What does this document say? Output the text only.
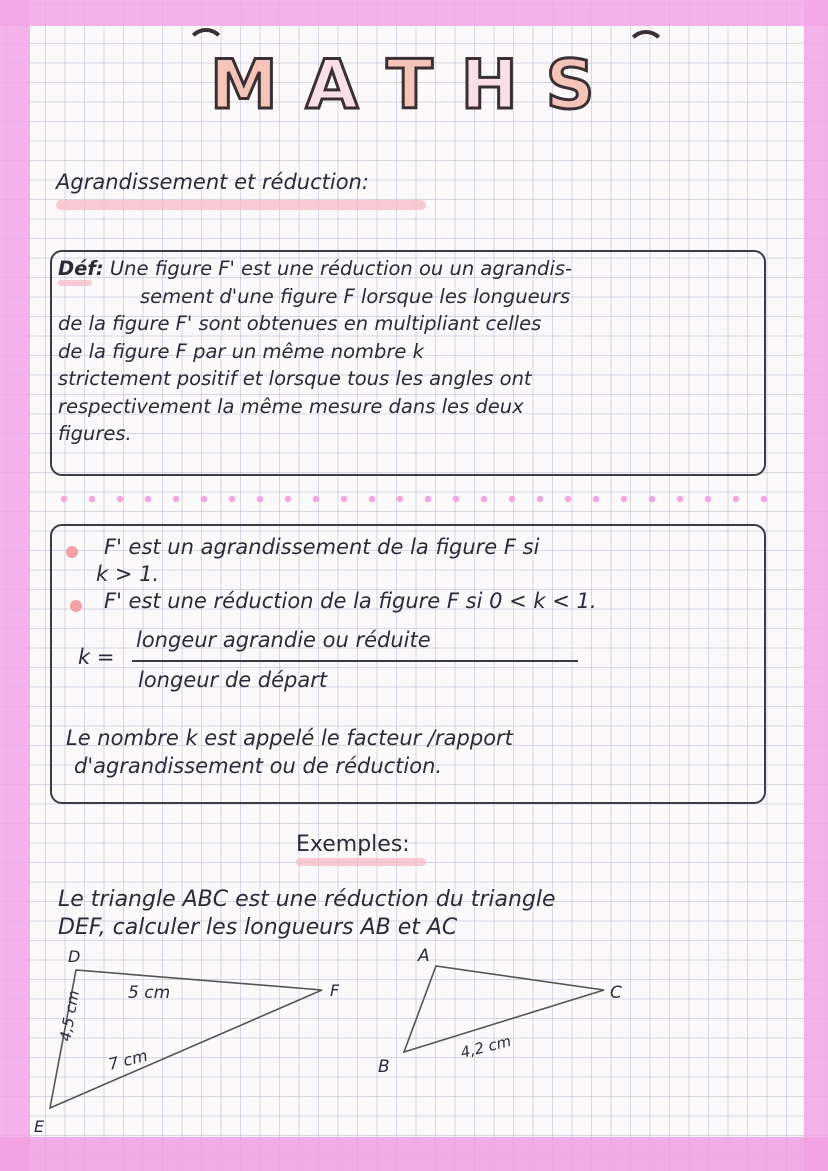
M A T H S
Agrandissement et réduction:
Déf: Une figure F' est une réduction ou un agrandis-
sement d'une figure F lorsque les longueurs
de la figure F' sont obtenues en multipliant celles
de la figure F par un même nombre k
strictement positif et lorsque tous les angles ont
respectivement la même mesure dans les deux
figures.
F' est un agrandissement de la figure F si
k > 1.
F' est une réduction de la figure F si 0 < k < 1.
k =
longeur agrandie ou réduite
longeur de départ
Le nombre k est appelé le facteur /rapport
d'agrandissement ou de réduction.
Exemples:
Le triangle ABC est une réduction du triangle
DEF, calculer les longueurs AB et AC
D
E
F
5 cm
4,5 cm
7 cm
A
B
C
4,2 cm
